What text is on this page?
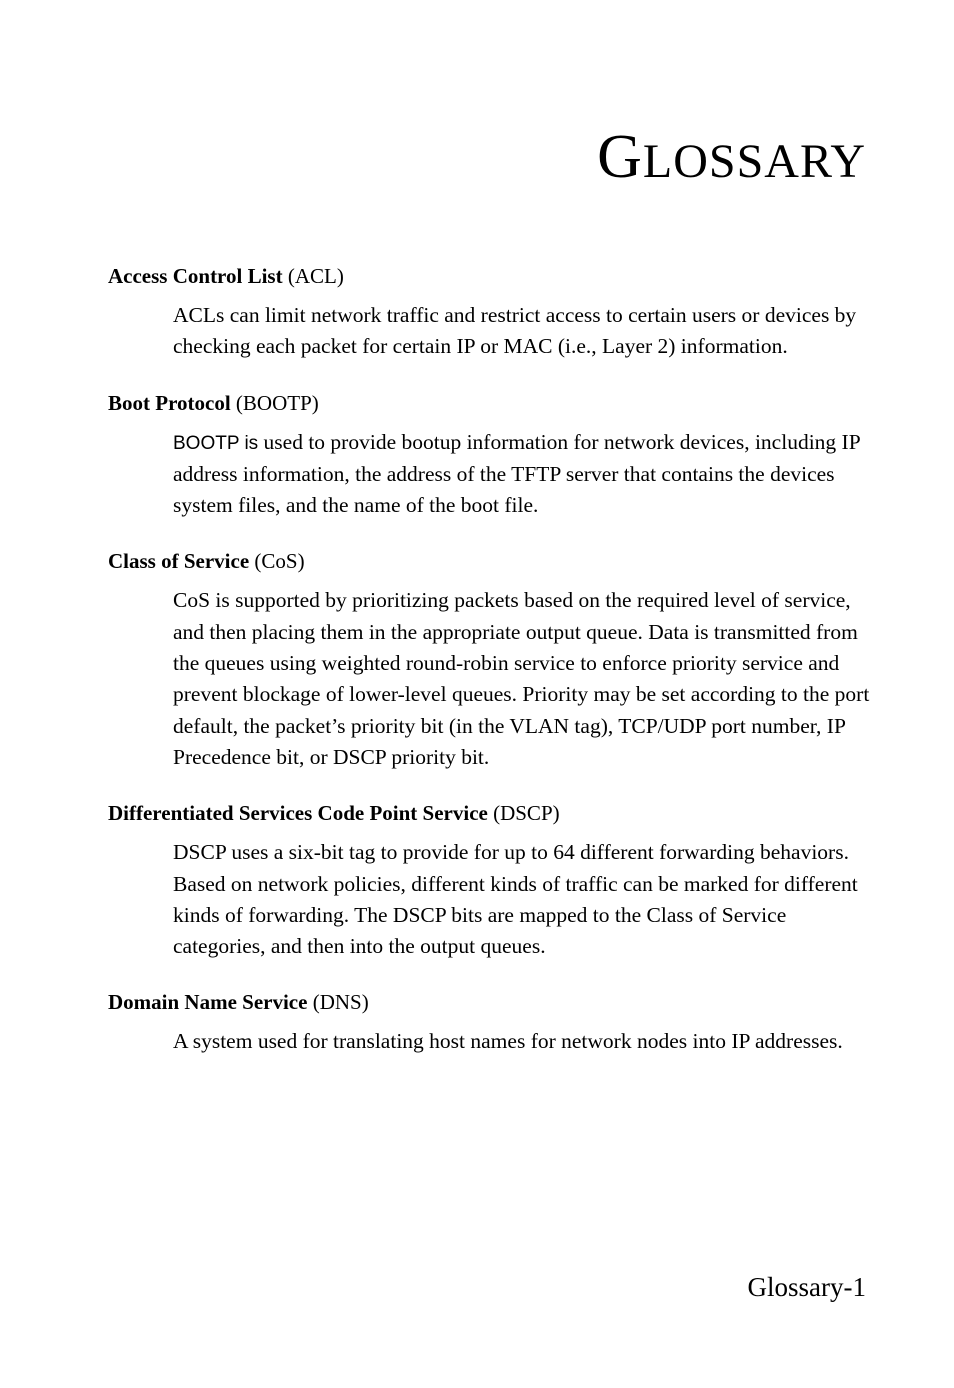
GLOSSARY

Access Control List (ACL)

ACLs can limit network traffic and restrict access to certain users or devices by checking each packet for certain IP or MAC (i.e., Layer 2) information.

Boot Protocol (BOOTP)

BOOTP is used to provide bootup information for network devices, including IP address information, the address of the TFTP server that contains the devices system files, and the name of the boot file.

Class of Service (CoS)

CoS is supported by prioritizing packets based on the required level of service, and then placing them in the appropriate output queue. Data is transmitted from the queues using weighted round-robin service to enforce priority service and prevent blockage of lower-level queues. Priority may be set according to the port default, the packet’s priority bit (in the VLAN tag), TCP/UDP port number, IP Precedence bit, or DSCP priority bit.

Differentiated Services Code Point Service (DSCP)

DSCP uses a six-bit tag to provide for up to 64 different forwarding behaviors. Based on network policies, different kinds of traffic can be marked for different kinds of forwarding. The DSCP bits are mapped to the Class of Service categories, and then into the output queues.

Domain Name Service (DNS)

A system used for translating host names for network nodes into IP addresses.

Glossary-1
